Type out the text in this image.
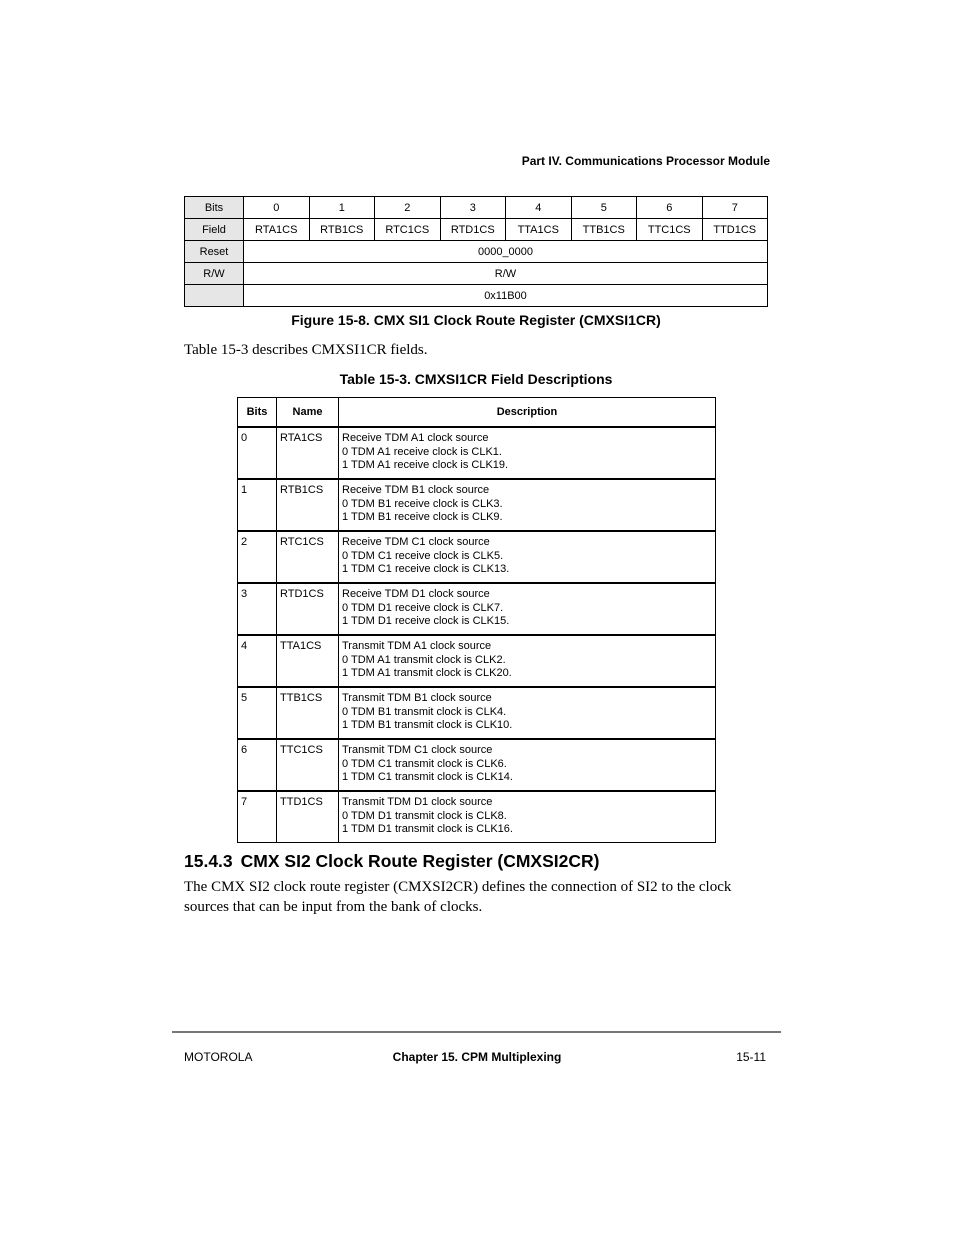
Part IV. Communications Processor Module
Bits	0	1	2	3	4	5	6	7
Field	RTA1CS	RTB1CS	RTC1CS	RTD1CS	TTA1CS	TTB1CS	TTC1CS	TTD1CS
Reset	0000_0000							
R/W	R/W							
	0x11B00							
Figure 15-8. CMX SI1 Clock Route Register (CMXSI1CR)
Table 15-3 describes CMXSI1CR fields.
Table 15-3. CMXSI1CR Field Descriptions
Bits	Name	Description
0	RTA1CS	Receive TDM A1 clock source
0 TDM A1 receive clock is CLK1.
1 TDM A1 receive clock is CLK19.

1	RTB1CS	Receive TDM B1 clock source
0 TDM B1 receive clock is CLK3.
1 TDM B1 receive clock is CLK9.

2	RTC1CS	Receive TDM C1 clock source
0 TDM C1 receive clock is CLK5.
1 TDM C1 receive clock is CLK13.

3	RTD1CS	Receive TDM D1 clock source
0 TDM D1 receive clock is CLK7.
1 TDM D1 receive clock is CLK15.

4	TTA1CS	Transmit TDM A1 clock source
0 TDM A1 transmit clock is CLK2.
1 TDM A1 transmit clock is CLK20.

5	TTB1CS	Transmit TDM B1 clock source
0 TDM B1 transmit clock is CLK4.
1 TDM B1 transmit clock is CLK10.

6	TTC1CS	Transmit TDM C1 clock source
0 TDM C1 transmit clock is CLK6.
1 TDM C1 transmit clock is CLK14.

7	TTD1CS	Transmit TDM D1 clock source
0 TDM D1 transmit clock is CLK8.
1 TDM D1 transmit clock is CLK16.
15.4.3 CMX SI2 Clock Route Register (CMXSI2CR)
The CMX SI2 clock route register (CMXSI2CR) defines the connection of SI2 to the clock sources that can be input from the bank of clocks.
MOTOROLA	Chapter 15. CPM Multiplexing	15-11
